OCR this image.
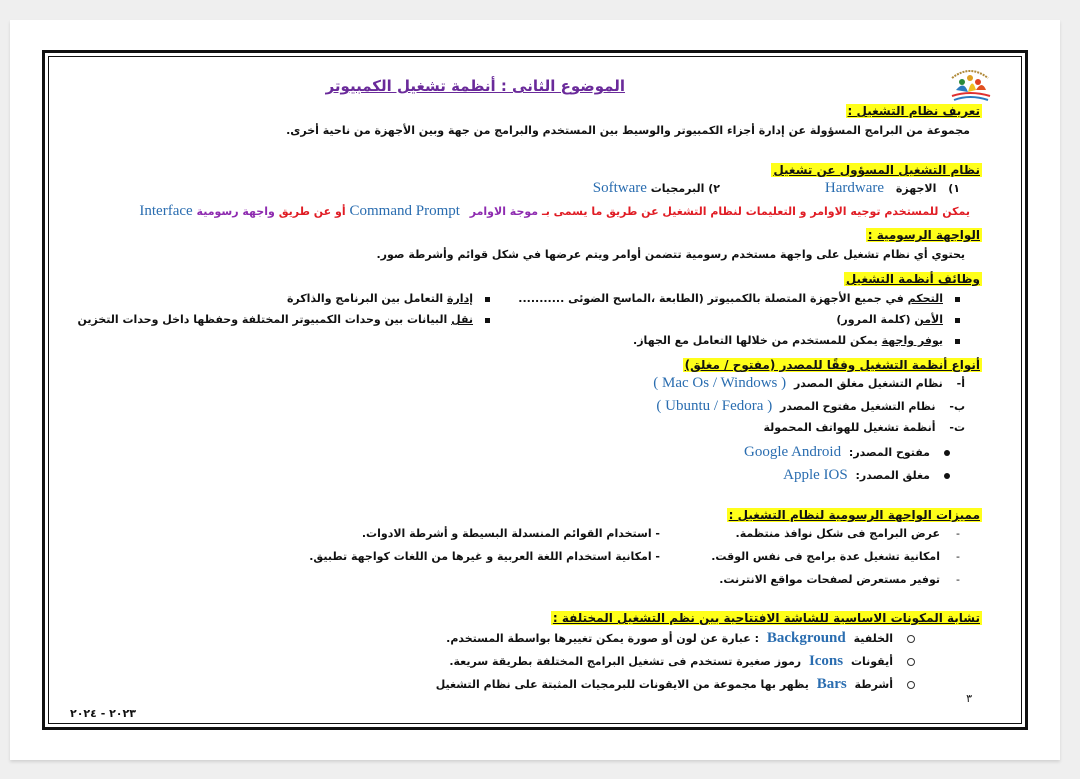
الموضوع الثانى : أنظمة تشغيل الكمبيوتر
تعريف نظام التشغيل :
مجموعة من البرامج المسؤولة عن إدارة أجزاء الكمبيوتر والوسيط بين المستخدم والبرامج من جهة وبين الأجهزة من ناحية أخرى.
نظام التشغيل المسؤول عن تشغيل
١) الاجهزة Hardware
٢) البرمجيات Software
يمكن للمستخدم توجيه الاوامر و التعليمات لنظام التشغيل عن طريق ما يسمى بـ موجة الاوامر Command Prompt أو عن طريق واجهة رسومية Interface
الواجهة الرسومية :
يحتوي أي نظام تشغيل على واجهة مستخدم رسومية تتضمن أوامر ويتم عرضها في شكل قوائم وأشرطة صور.
وظائف أنظمة التشغيل
التحكم في جميع الأجهزة المتصلة بالكمبيوتر (الطابعة ،الماسح الضوئى ...........
الأمن (كلمة المرور)
يوفر واجهة يمكن للمستخدم من خلالها التعامل مع الجهاز.
إدارة التعامل بين البرنامج والذاكرة
نقل البيانات بين وحدات الكمبيوتر المختلفة وحفظها داخل وحدات التخزين
أنواع أنظمة التشغيل وفقًا للمصدر (مفتوح / مغلق)
أ- نظام التشغيل مغلق المصدر ( Mac Os / Windows )
ب- نظام التشغيل مفتوح المصدر ( Ubuntu / Fedora )
ت- أنظمة تشغيل للهواتف المحمولة
مفتوح المصدر: Google Android
مغلق المصدر: Apple IOS
مميزات الواجهة الرسومية لنظام التشغيل :
-عرض البرامج فى شكل نوافذ منتظمة.
-امكانية تشغيل عدة برامج فى نفس الوقت.
-توفير مستعرض لصفحات مواقع الانترنت.
- استخدام القوائم المنسدلة البسيطة و أشرطة الادوات.
- امكانية استخدام اللغة العربية و غيرها من اللغات كواجهة تطبيق.
تشابة المكونات الاساسية للشاشة الافتتاحية بين نظم التشغيل المختلفة :
الخلفية Background : عبارة عن لون أو صورة يمكن تغييرها بواسطة المستخدم.
أيقونات Icons رموز صغيرة تستخدم فى تشغيل البرامج المختلفة بطريقة سريعة.
أشرطة Bars يظهر بها مجموعة من الايقونات للبرمجيات المثبتة على نظام التشغيل
٣
٢٠٢٣ - ٢٠٢٤
